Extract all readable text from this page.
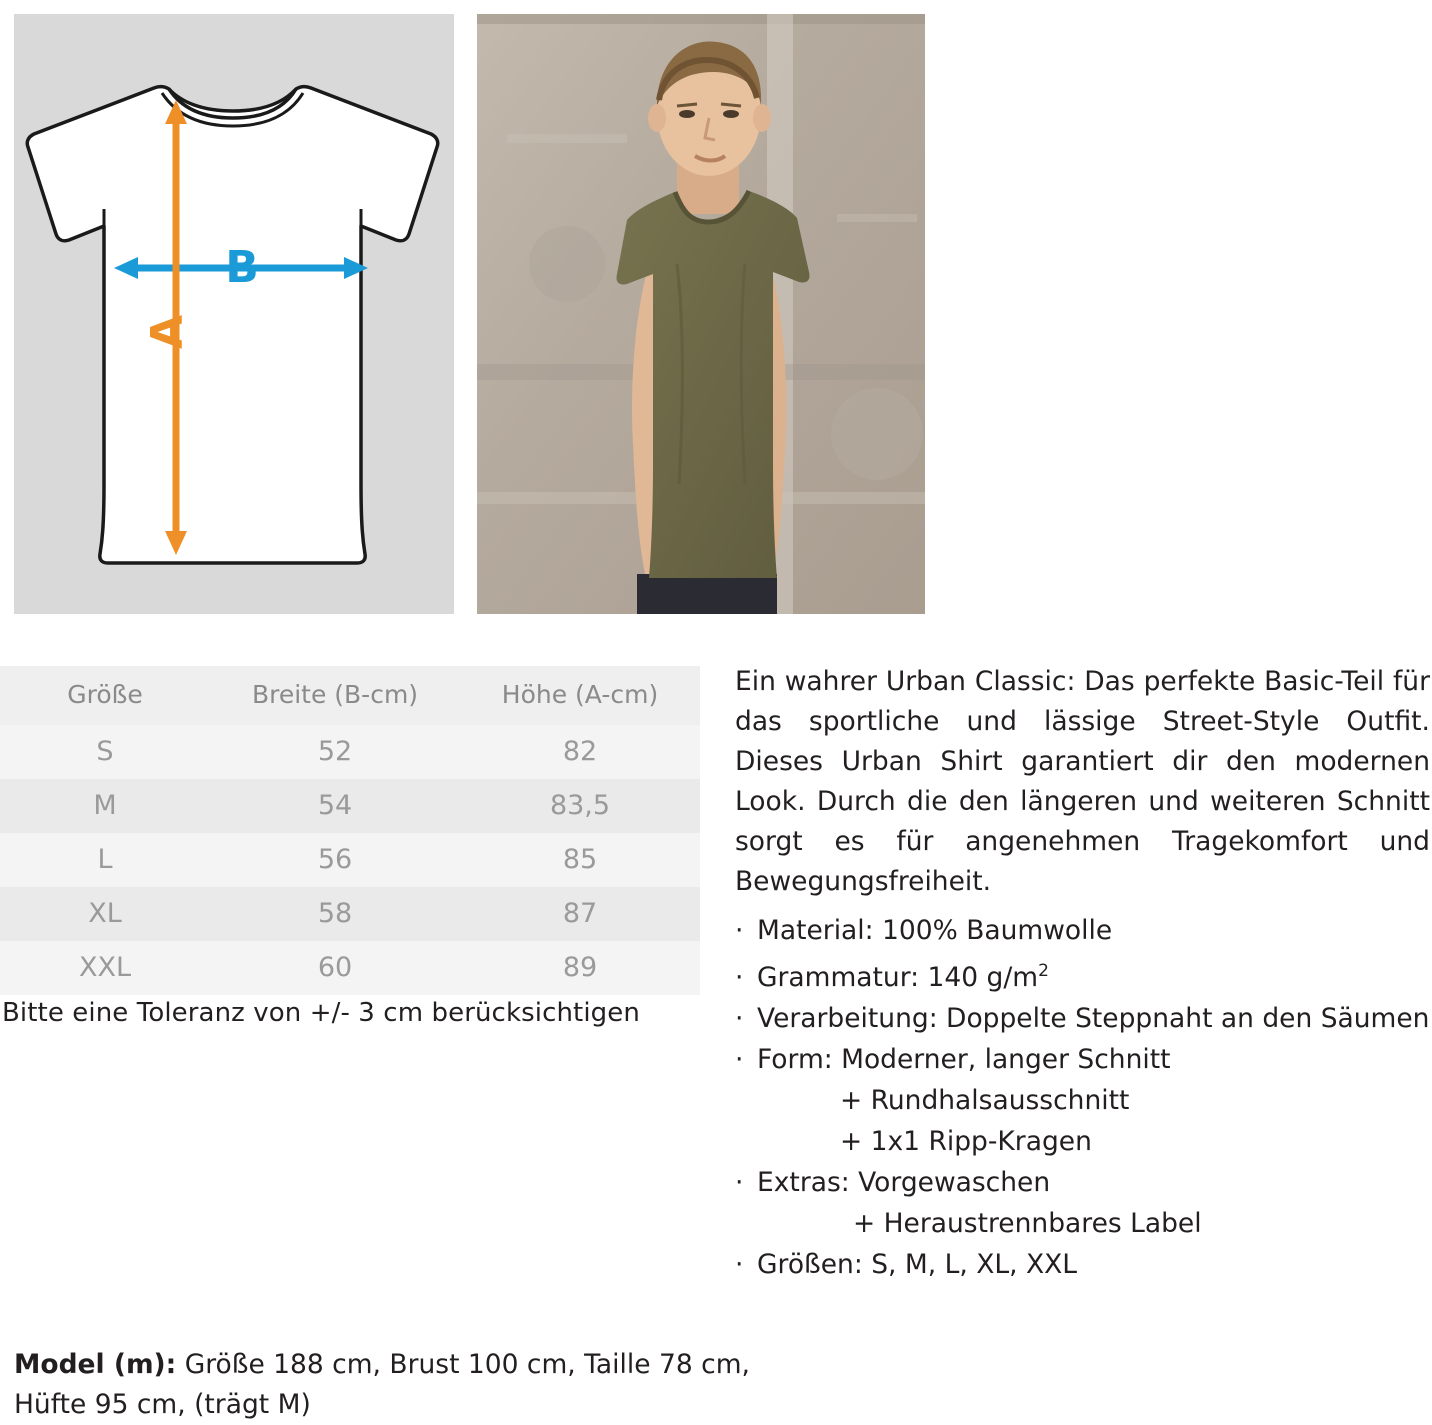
B
A
Größe	Breite (B-cm)	Höhe (A-cm)
S	52	82
M	54	83,5
L	56	85
XL	58	87
XXL	60	89
Bitte eine Toleranz von +/- 3 cm berücksichtigen

Ein wahrer Urban Classic: Das perfekte Basic-Teil für das sportliche und lässige Street-Style Outfit. Dieses Urban Shirt garantiert dir den modernen Look. Durch die den längeren und weiteren Schnitt sorgt es für angenehmen Tragekomfort und Bewegungsfreiheit.

· Material: 100% Baumwolle
· Grammatur: 140 $g/m^2$
· Verarbeitung: Doppelte Steppnaht an den Säumen
· Form: Moderner, langer Schnitt
+ Rundhalsausschnitt
+ 1x1 Ripp-Kragen
· Extras: Vorgewaschen
+ Heraustrennbares Label
· Größen: S, M, L, XL, XXL
Model (m): Größe 188 cm, Brust 100 cm, Taille 78 cm,
Hüfte 95 cm, (trägt M)
